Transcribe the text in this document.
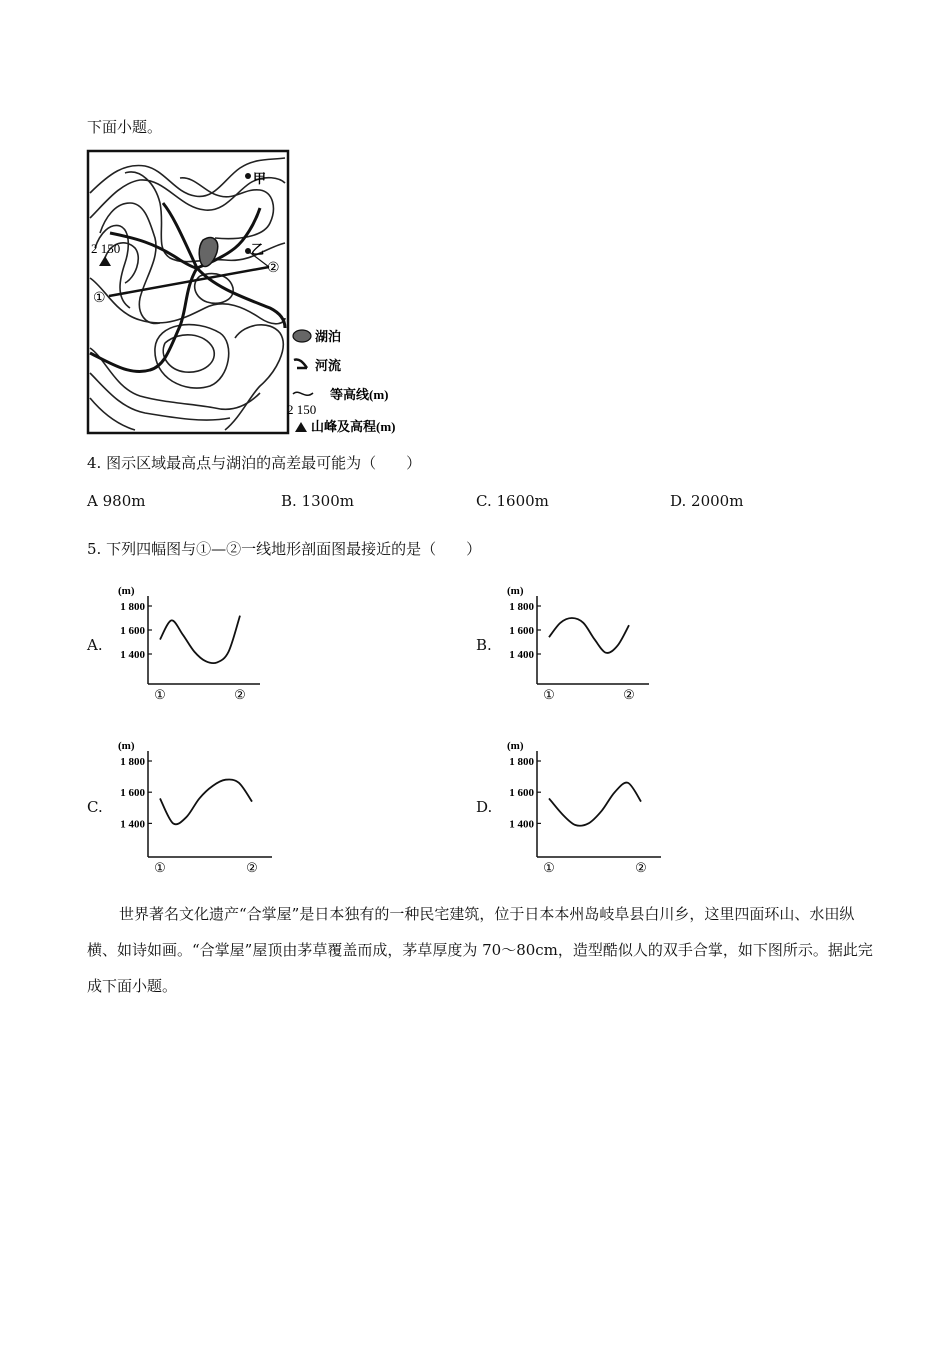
下面小题。
甲
乙
2 150
①
②
湖泊
河流
等高线(m)
2 150
山峰及高程(m)
4. 图示区域最高点与湖泊的高差最可能为（　　）
A 980m	B. 1300m	C. 1600m	D. 2000m
5. 下列四幅图与①—②一线地形剖面图最接近的是（　　）
A.	B.
C.	D.
(m)
1 800
1 600
1 400
①	②
(m)
1 800
1 600
1 400
①	②
(m)
1 800
1 600
1 400
①	②
(m)
1 800
1 600
1 400
①	②
世界著名文化遗产“合掌屋”是日本独有的一种民宅建筑，位于日本本州岛岐阜县白川乡，这里四面环山、水田纵横、如诗如画。“合掌屋”屋顶由茅草覆盖而成，茅草厚度为 70～80cm，造型酷似人的双手合掌，如下图所示。据此完成下面小题。
